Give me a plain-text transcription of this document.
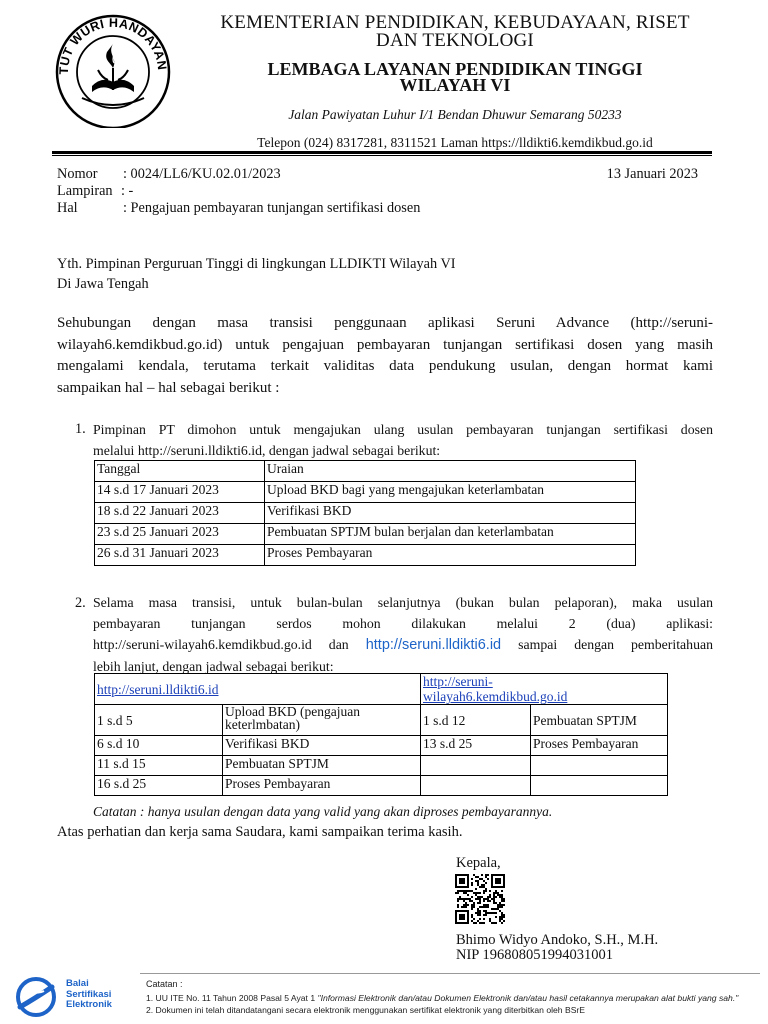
TUT WURI HANDAYAN
KEMENTERIAN PENDIDIKAN, KEBUDAYAAN, RISET
DAN TEKNOLOGI
LEMBAGA LAYANAN PENDIDIKAN TINGGI
WILAYAH VI
Jalan Pawiyatan Luhur I/1 Bendan Dhuwur Semarang 50233
Telepon (024) 8317281, 8311521 Laman https://lldikti6.kemdikbud.go.id
Nomor : 0024/LL6/KU.02.01/2023	13 Januari 2023
Lampiran : -
Hal	: Pengajuan pembayaran tunjangan sertifikasi dosen
Yth. Pimpinan Perguruan Tinggi di lingkungan LLDIKTI Wilayah VI
Di Jawa Tengah
Sehubungan dengan masa transisi penggunaan aplikasi Seruni Advance (http://seruni-
wilayah6.kemdikbud.go.id) untuk pengajuan pembayaran tunjangan sertifikasi dosen yang masih
mengalami kendala, terutama terkait validitas data pendukung usulan, dengan hormat kami
sampaikan hal – hal sebagai berikut :
1. Pimpinan PT dimohon untuk mengajukan ulang usulan pembayaran tunjangan sertifikasi dosen
melalui http://seruni.lldikti6.id, dengan jadwal sebagai berikut:
Tanggal	Uraian
14 s.d 17 Januari 2023	Upload BKD bagi yang mengajukan keterlambatan
18 s.d 22 Januari 2023	Verifikasi BKD
23 s.d 25 Januari 2023	Pembuatan SPTJM bulan berjalan dan keterlambatan
26 s.d 31 Januari 2023	Proses Pembayaran
2. Selama masa transisi, untuk bulan-bulan selanjutnya (bukan bulan pelaporan), maka usulan
pembayaran tunjangan serdos mohon dilakukan melalui 2 (dua) aplikasi:
http://seruni-wilayah6.kemdikbud.go.id dan http://seruni.lldikti6.id sampai dengan pemberitahuan
lebih lanjut, dengan jadwal sebagai berikut:
http://seruni.lldikti6.id		http://seruni-
wilayah6.kemdikbud.go.id	
1 s.d 5	Upload BKD (pengajuan keterlmbatan)	1 s.d 12	Pembuatan SPTJM
6 s.d 10	Verifikasi BKD	13 s.d 25	Proses Pembayaran
11 s.d 15	Pembuatan SPTJM		
16 s.d 25	Proses Pembayaran		
Catatan : hanya usulan dengan data yang valid yang akan diproses pembayarannya.
Atas perhatian dan kerja sama Saudara, kami sampaikan terima kasih.
Kepala,
Bhimo Widyo Andoko, S.H., M.H.
NIP 196808051994031001
Balai
Sertifikasi
Elektronik
Catatan :
1. UU ITE No. 11 Tahun 2008 Pasal 5 Ayat 1 "Informasi Elektronik dan/atau Dokumen Elektronik dan/atau hasil cetakannya merupakan alat bukti yang sah."
2. Dokumen ini telah ditandatangani secara elektronik menggunakan sertifikat elektronik yang diterbitkan oleh BSrE
